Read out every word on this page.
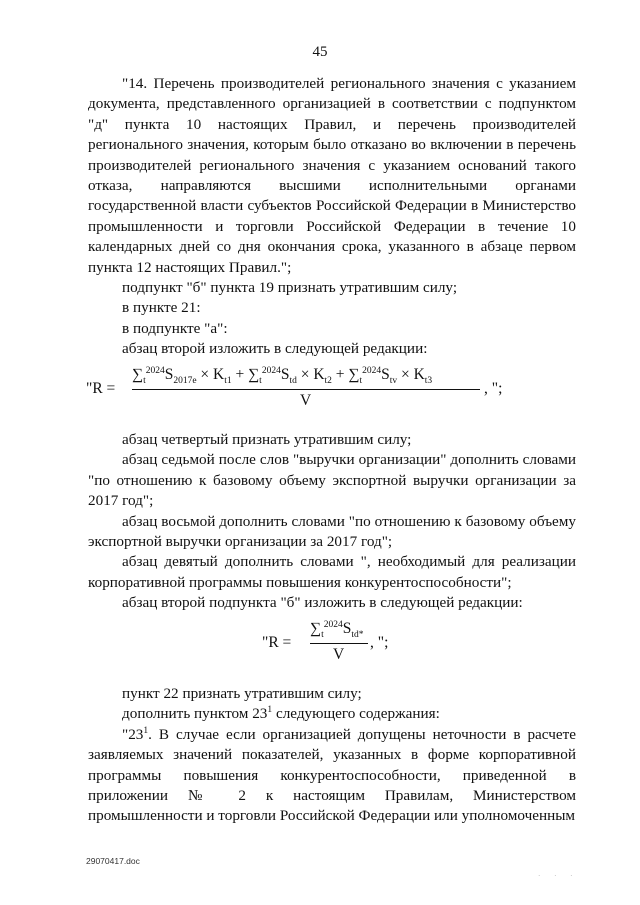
45

"14. Перечень производителей регионального значения с указанием документа, представленного организацией в соответствии с подпунктом "д" пункта 10 настоящих Правил, и перечень производителей регионального значения, которым было отказано во включении в перечень производителей регионального значения с указанием оснований такого отказа, направляются высшими исполнительными органами государственной власти субъектов Российской Федерации в Министерство промышленности и торговли Российской Федерации в течение 10 календарных дней со дня окончания срока, указанного в абзаце первом пункта 12 настоящих Правил.";

подпункт "б" пункта 19 признать утратившим силу;

в пункте 21:

в подпункте "а":

абзац второй изложить в следующей редакции:

"R =
$\sum_t^{2024}S_{2017e} \times K_{t1} + \sum_t^{2024}S_{td} \times K_{t2} + \sum_t^{2024}S_{tv} \times K_{t3}$
V
, ";

абзац четвертый признать утратившим силу;

абзац седьмой после слов "выручки организации" дополнить словами "по отношению к базовому объему экспортной выручки организации за 2017 год";

абзац восьмой дополнить словами "по отношению к базовому объему экспортной выручки организации за 2017 год";

абзац девятый дополнить словами ", необходимый для реализации корпоративной программы повышения конкурентоспособности";

абзац второй подпункта "б" изложить в следующей редакции:

"R =
$\sum_t^{2024}S_{td*}$
V
, ";

пункт 22 признать утратившим силу;

дополнить пунктом $23^1$ следующего содержания:

"$23^1$. В случае если организацией допущены неточности в расчете заявляемых значений показателей, указанных в форме корпоративной программы повышения конкурентоспособности, приведенной в приложении № 2 к настоящим Правилам, Министерством промышленности и торговли Российской Федерации или уполномоченным

29070417.doc
· · ·
